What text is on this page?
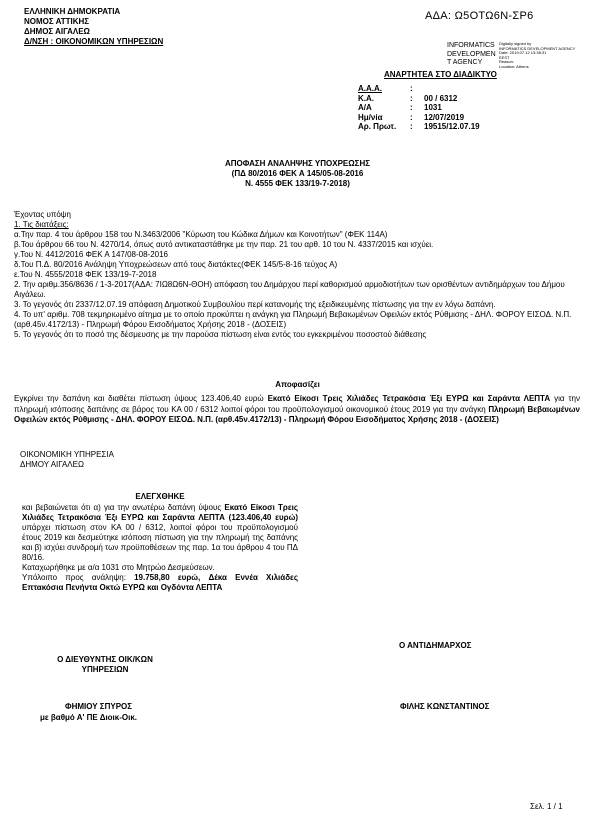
ΕΛΛΗΝΙΚΗ ΔΗΜΟΚΡΑΤΙΑ
ΝΟΜΟΣ ΑΤΤΙΚΗΣ
ΔΗΜΟΣ ΑΙΓΑΛΕΩ
Δ/ΝΣΗ : ΟΙΚΟΝΟΜΙΚΩΝ ΥΠΗΡΕΣΙΩΝ
ΑΔΑ: Ω5ΟΤΩ6Ν-ΣΡ6
INFORMATICS
DEVELOPMEN
T AGENCY
Digitally signed by
INFORMATICS DEVELOPMENT AGENCY
Date: 2019.07.12 13:38:31
EEST
Reason:
Location: Athens
ΑΝΑΡΤΗΤΕΑ ΣΤΟ ΔΙΑΔΙΚΤΥΟ
Α.Α.Α.	:	
Κ.Α.	:	00 / 6312
Α/Α	:	1031
Ημ/νία	:	12/07/2019
Αρ. Πρωτ.	:	19515/12.07.19
ΑΠΟΦΑΣΗ ΑΝΑΛΗΨΗΣ ΥΠΟΧΡΕΩΣΗΣ
(ΠΔ 80/2016 ΦΕΚ Α 145/05-08-2016
Ν. 4555 ΦΕΚ 133/19-7-2018)
Έχοντας υπόψη
1. Τις διατάξεις:
α.Την παρ. 4 του άρθρου 158 του Ν.3463/2006 "Κύρωση του Κώδικα Δήμων και Κοινοτήτων" (ΦΕΚ 114Α)
β.Του άρθρου 66 του Ν. 4270/14, όπως αυτό αντικαταστάθηκε με την παρ. 21 του αρθ. 10 του Ν. 4337/2015 και ισχύει.
γ.Του Ν. 4412/2016 ΦΕΚ Α 147/08-08-2016
δ.Του Π.Δ. 80/2016 Ανάληψη Υποχρεώσεων από τους διατάκτες(ΦΕΚ 145/5-8-16 τεύχος Α)
ε.Του Ν. 4555/2018 ΦΕΚ 133/19-7-2018
2. Την αριθμ.356/8636 / 1-3-2017(ΑΔΑ: 7ΙΩ8Ω6Ν-ΘΟΗ) απόφαση του Δημάρχου περί καθορισμού αρμοδιοτήτων των ορισθέντων αντιδημάρχων του Δήμου Αιγάλεω.
3. Το γεγονός ότι 2337/12.07.19 απόφαση Δημοτικού Συμβουλίου περί κατανομής της εξειδικευμένης πίστωσης για την εν λόγω δαπάνη.
4. Το υπ' αριθμ. 708 τεκμηριωμένο αίτημα με το οποίο προκύπτει η ανάγκη για Πληρωμή Βεβαιωμένων Οφειλών εκτός Ρύθμισης - ΔΗΛ. ΦΟΡΟΥ ΕΙΣΟΔ. Ν.Π. (αρθ.45ν.4172/13) - Πληρωμή Φόρου Εισοδήματος Χρήσης 2018 - (ΔΟΣΕΙΣ)
5. Το γεγονός ότι το ποσό της δέσμευσης με την παρούσα πίστωση είναι εντός του εγκεκριμένου ποσοστού διάθεσης
Αποφασίζει
Εγκρίνει την δαπάνη και διαθέτει πίστωση ύψους 123.406,40 ευρώ Εκατό Είκοσι Τρεις Χιλιάδες Τετρακόσια Έξι ΕΥΡΩ και Σαράντα ΛΕΠΤΑ για την πληρωμή ισόποσης δαπάνης σε βάρος του ΚΑ 00 / 6312 λοιποί φόροι του προϋπολογισμού οικονομικού έτους 2019 για την ανάγκη Πληρωμή Βεβαιωμένων Οφειλών εκτός Ρύθμισης - ΔΗΛ. ΦΟΡΟΥ ΕΙΣΟΔ. Ν.Π. (αρθ.45ν.4172/13) - Πληρωμή Φόρου Εισοδήματος Χρήσης 2018 - (ΔΟΣΕΙΣ)
ΟΙΚΟΝΟΜΙΚΗ ΥΠΗΡΕΣΙΑ
ΔΗΜΟΥ ΑΙΓΑΛΕΩ
ΕΛΕΓΧΘΗΚΕ
και βεβαιώνεται ότι α) για την ανωτέρω δαπάνη ύψους Εκατό Είκοσι Τρεις Χιλιάδες Τετρακόσια Έξι ΕΥΡΩ και Σαράντα ΛΕΠΤΑ (123.406,40 ευρώ) υπάρχει πίστωση στον ΚΑ 00 / 6312, λοιποί φόροι του προϋπολογισμού έτους 2019 και δεσμεύτηκε ισόποση πίστωση για την πληρωμή της δαπάνης και β) ισχύει συνδρομή των προϋποθέσεων της παρ. 1α του άρθρου 4 του ΠΔ 80/16.
Καταχωρήθηκε με α/α 1031 στο Μητρώο Δεσμεύσεων.
Υπόλοιπο προς ανάληψη: 19.758,80 ευρώ, Δέκα Εννέα Χιλιάδες Επτακόσια Πενήντα Οκτώ ΕΥΡΩ και Ογδόντα ΛΕΠΤΑ
Ο ΔΙΕΥΘΥΝΤΗΣ ΟΙΚ/ΚΩΝ
ΥΠΗΡΕΣΙΩΝ
Ο ΑΝΤΙΔΗΜΑΡΧΟΣ
ΦΗΜΙΟΥ ΣΠΥΡΟΣ
με βαθμό Α' ΠΕ Διοικ-Οικ.
ΦΙΛΗΣ ΚΩΝΣΤΑΝΤΙΝΟΣ
Σελ. 1 / 1
